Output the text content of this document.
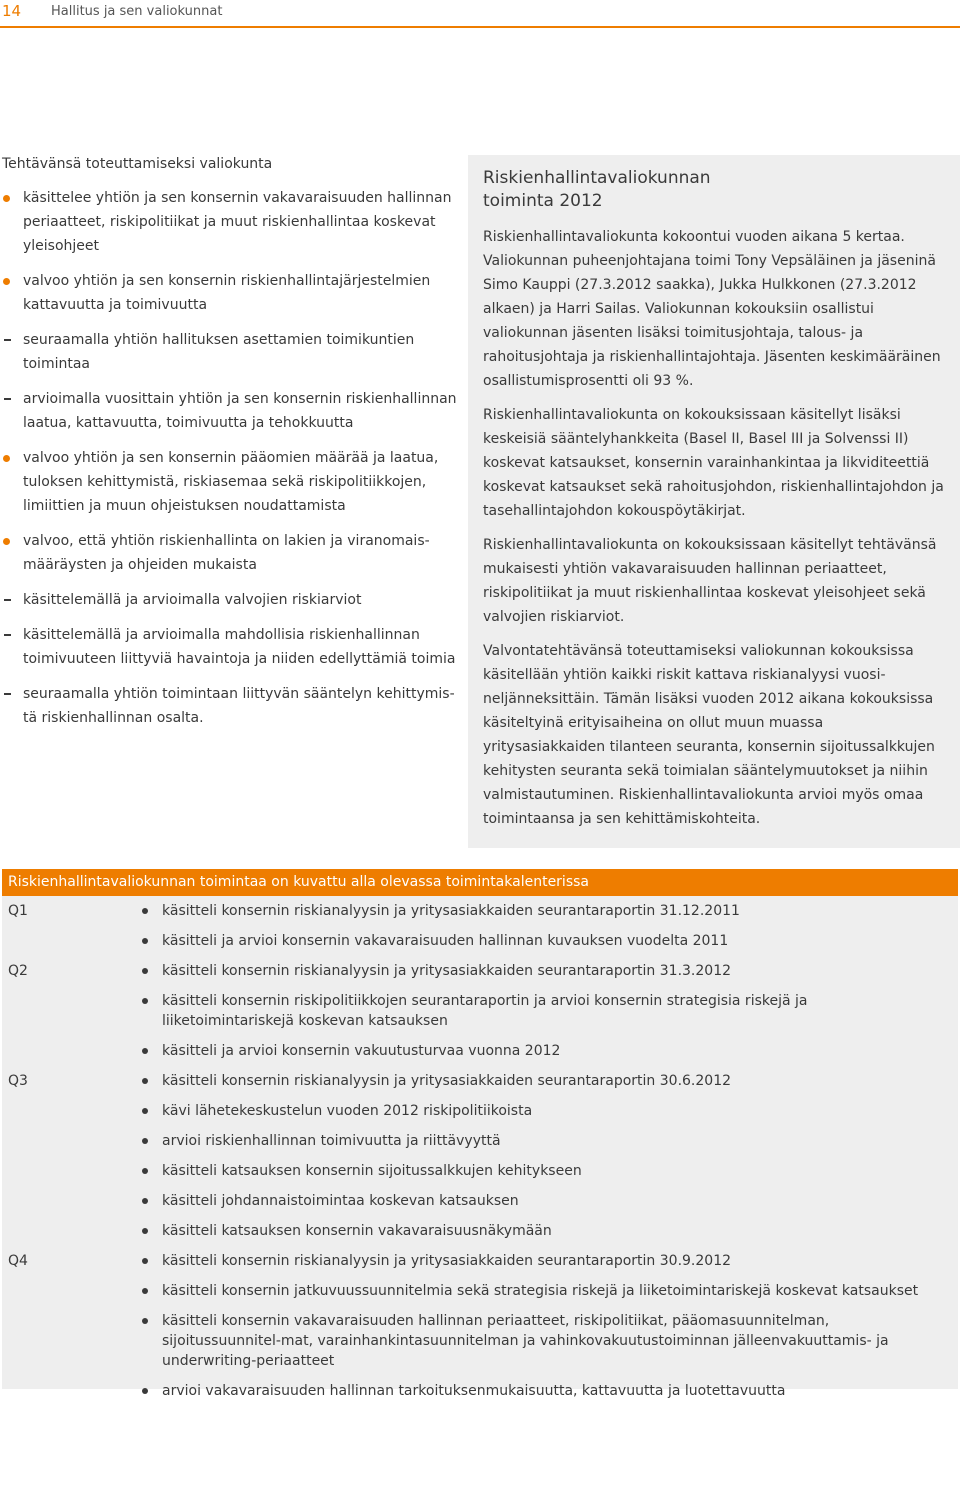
14 Hallitus ja sen valiokunnat

Tehtävänsä toteuttamiseksi valiokunta

käsittelee yhtiön ja sen konsernin vakavaraisuuden hallinnan periaatteet, riskipolitiikat ja muut riskienhallintaa koskevat yleisohjeet
valvoo yhtiön ja sen konsernin riskienhallintajärjestelmien kattavuutta ja toimivuutta
seuraamalla yhtiön hallituksen asettamien toimikuntien toimintaa
arvioimalla vuosittain yhtiön ja sen konsernin riskienhallinnan laatua, kattavuutta, toimivuutta ja tehokkuutta
valvoo yhtiön ja sen konsernin pääomien määrää ja laatua, tuloksen kehittymistä, riskiasemaa sekä riskipolitiikkojen, limiittien ja muun ohjeistuksen noudattamista
valvoo, että yhtiön riskienhallinta on lakien ja viranomais-määräysten ja ohjeiden mukaista
käsittelemällä ja arvioimalla valvojien riskiarviot
käsittelemällä ja arvioimalla mahdollisia riskienhallinnan toimivuuteen liittyviä havaintoja ja niiden edellyttämiä toimia
seuraamalla yhtiön toimintaan liittyvän sääntelyn kehittymis-tä riskienhallinnan osalta.
Riskienhallintavaliokunnan
toiminta 2012

Riskienhallintavaliokunta kokoontui vuoden aikana 5 kertaa. Valiokunnan puheenjohtajana toimi Tony Vepsäläinen ja jäseninä Simo Kauppi (27.3.2012 saakka), Jukka Hulkkonen (27.3.2012 alkaen) ja Harri Sailas. Valiokunnan kokouksiin osallistui valiokunnan jäsenten lisäksi toimitusjohtaja, talous- ja rahoitusjohtaja ja riskienhallintajohtaja. Jäsenten keskimääräinen osallistumisprosentti oli 93 %.

Riskienhallintavaliokunta on kokouksissaan käsitellyt lisäksi keskeisiä sääntelyhankkeita (Basel II, Basel III ja Solvenssi II) koskevat katsaukset, konsernin varainhankintaa ja likviditeettiä koskevat katsaukset sekä rahoitusjohdon, riskienhallintajohdon ja tasehallintajohdon kokouspöytäkirjat.

Riskienhallintavaliokunta on kokouksissaan käsitellyt tehtävänsä mukaisesti yhtiön vakavaraisuuden hallinnan periaatteet, riskipolitiikat ja muut riskienhallintaa koskevat yleisohjeet sekä valvojien riskiarviot.

Valvontatehtävänsä toteuttamiseksi valiokunnan kokouksissa käsitellään yhtiön kaikki riskit kattava riskianalyysi vuosi-neljänneksittäin. Tämän lisäksi vuoden 2012 aikana kokouksissa käsiteltyinä erityisaiheina on ollut muun muassa yritysasiakkaiden tilanteen seuranta, konsernin sijoitussalkkujen kehitysten seuranta sekä toimialan sääntelymuutokset ja niihin valmistautuminen. Riskienhallintavaliokunta arvioi myös omaa toimintaansa ja sen kehittämiskohteita.

Riskienhallintavaliokunnan toimintaa on kuvattu alla olevassa toimintakalenterissa
Q1	käsitteli konsernin riskianalyysin ja yritysasiakkaiden seurantaraportin 31.12.2011
käsitteli ja arvioi konsernin vakavaraisuuden hallinnan kuvauksen vuodelta 2011
Q2	käsitteli konsernin riskianalyysin ja yritysasiakkaiden seurantaraportin 31.3.2012
käsitteli konsernin riskipolitiikkojen seurantaraportin ja arvioi konsernin strategisia riskejä ja liiketoimintariskejä koskevan katsauksen
käsitteli ja arvioi konsernin vakuutusturvaa vuonna 2012
Q3	käsitteli konsernin riskianalyysin ja yritysasiakkaiden seurantaraportin 30.6.2012
kävi lähetekeskustelun vuoden 2012 riskipolitiikoista
arvioi riskienhallinnan toimivuutta ja riittävyyttä
käsitteli katsauksen konsernin sijoitussalkkujen kehitykseen
käsitteli johdannaistoimintaa koskevan katsauksen
käsitteli katsauksen konsernin vakavaraisuusnäkymään
Q4	käsitteli konsernin riskianalyysin ja yritysasiakkaiden seurantaraportin 30.9.2012
käsitteli konsernin jatkuvuussuunnitelmia sekä strategisia riskejä ja liiketoimintariskejä koskevat katsaukset
käsitteli konsernin vakavaraisuuden hallinnan periaatteet, riskipolitiikat, pääomasuunnitelman, sijoitussuunnitel-mat, varainhankintasuunnitelman ja vahinkovakuutustoiminnan jälleenvakuuttamis- ja underwriting-periaatteet
arvioi vakavaraisuuden hallinnan tarkoituksenmukaisuutta, kattavuutta ja luotettavuutta
